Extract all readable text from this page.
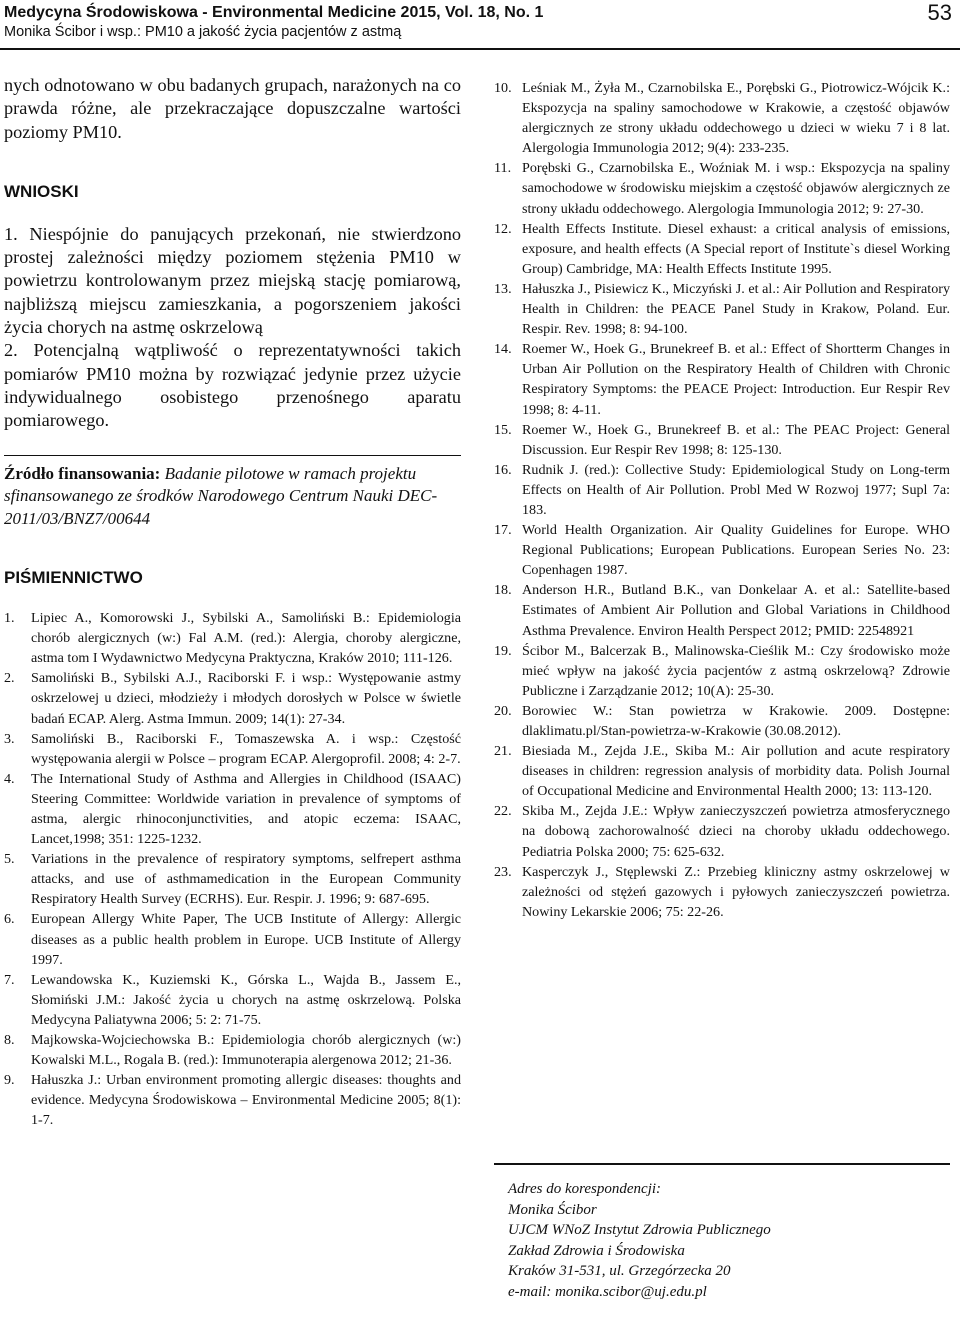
Medycyna Środowiskowa - Environmental Medicine 2015, Vol. 18, No. 1
Monika Ścibor i wsp.: PM10 a jakość życia pacjentów z astmą
53

nych odnotowano w obu badanych grupach, narażonych na co prawda różne, ale przekraczające dopuszczalne wartości poziomy PM10.

WNIOSKI

1. Niespójnie do panujących przekonań, nie stwierdzono prostej zależności między poziomem stężenia PM10 w powietrzu kontrolowanym przez miejską stację pomiarową, najbliższą miejscu zamieszkania, a pogorszeniem jakości życia chorych na astmę oskrzelową

2. Potencjalną wątpliwość o reprezentatywności takich pomiarów PM10 można by rozwiązać jedynie przez użycie indywidualnego osobistego przenośnego aparatu pomiarowego.

Źródło finansowania: Badanie pilotowe w ramach projektu sfinansowanego ze środków Narodowego Centrum Nauki DEC-2011/03/BNZ7/00644

PIŚMIENNICTWO

1. Lipiec A., Komorowski J., Sybilski A., Samoliński B.: Epidemiologia chorób alergicznych (w:) Fal A.M. (red.): Alergia, choroby alergiczne, astma tom I Wydawnictwo Medycyna Praktyczna, Kraków 2010; 111-126.
2. Samoliński B., Sybilski A.J., Raciborski F. i wsp.: Występowanie astmy oskrzelowej u dzieci, młodzieży i młodych dorosłych w Polsce w świetle badań ECAP. Alerg. Astma Immun. 2009; 14(1): 27-34.
3. Samoliński B., Raciborski F., Tomaszewska A. i wsp.: Częstość występowania alergii w Polsce – program ECAP. Alergoprofil. 2008; 4: 2-7.
4. The International Study of Asthma and Allergies in Childhood (ISAAC) Steering Committee: Worldwide variation in prevalence of symptoms of astma, alergic rhinoconjunctivities, and atopic eczema: ISAAC, Lancet,1998; 351: 1225-1232.
5. Variations in the prevalence of respiratory symptoms, selfrepert asthma attacks, and use of asthmamedication in the European Community Respiratory Health Survey (ECRHS). Eur. Respir. J. 1996; 9: 687-695.
6. European Allergy White Paper, The UCB Institute of Allergy: Allergic diseases as a public health problem in Europe. UCB Institute of Allergy 1997.
7. Lewandowska K., Kuziemski K., Górska L., Wajda B., Jassem E., Słomiński J.M.: Jakość życia u chorych na astmę oskrzelową. Polska Medycyna Paliatywna 2006; 5: 2: 71-75.
8. Majkowska-Wojciechowska B.: Epidemiologia chorób alergicznych (w:) Kowalski M.L., Rogala B. (red.): Immunoterapia alergenowa 2012; 21-36.
9. Hałuszka J.: Urban environment promoting allergic diseases: thoughts and evidence. Medycyna Środowiskowa – Environmental Medicine 2005; 8(1): 1-7.
10. Leśniak M., Żyła M., Czarnobilska E., Porębski G., Piotrowicz-Wójcik K.: Ekspozycja na spaliny samochodowe w Krakowie, a częstość objawów alergicznych ze strony układu oddechowego u dzieci w wieku 7 i 8 lat. Alergologia Immunologia 2012; 9(4): 233-235.
11. Porębski G., Czarnobilska E., Woźniak M. i wsp.: Ekspozycja na spaliny samochodowe w środowisku miejskim a częstość objawów alergicznych ze strony układu oddechowego. Alergologia Immunologia 2012; 9: 27-30.
12. Health Effects Institute. Diesel exhaust: a critical analysis of emissions, exposure, and health effects (A Special report of Institute`s diesel Working Group) Cambridge, MA: Health Effects Institute 1995.
13. Hałuszka J., Pisiewicz K., Miczyński J. et al.: Air Pollution and Respiratory Health in Children: the PEACE Panel Study in Krakow, Poland. Eur. Respir. Rev. 1998; 8: 94-100.
14. Roemer W., Hoek G., Brunekreef B. et al.: Effect of Shortterm Changes in Urban Air Pollution on the Respiratory Health of Children with Chronic Respiratory Symptoms: the PEACE Project: Introduction. Eur Respir Rev 1998; 8: 4-11.
15. Roemer W., Hoek G., Brunekreef B. et al.: The PEAC Project: General Discussion. Eur Respir Rev 1998; 8: 125-130.
16. Rudnik J. (red.): Collective Study: Epidemiological Study on Long-term Effects on Health of Air Pollution. Probl Med W Rozwoj 1977; Supl 7a: 183.
17. World Health Organization. Air Quality Guidelines for Europe. WHO Regional Publications; European Publications. European Series No. 23: Copenhagen 1987.
18. Anderson H.R., Butland B.K., van Donkelaar A. et al.: Satellite-based Estimates of Ambient Air Pollution and Global Variations in Childhood Asthma Prevalence. Environ Health Perspect 2012; PMID: 22548921
19. Ścibor M., Balcerzak B., Malinowska-Cieślik M.: Czy środowisko może mieć wpływ na jakość życia pacjentów z astmą oskrzelową? Zdrowie Publiczne i Zarządzanie 2012; 10(A): 25-30.
20. Borowiec W.: Stan powietrza w Krakowie. 2009. Dostępne: dlaklimatu.pl/Stan-powietrza-w-Krakowie (30.08.2012).
21. Biesiada M., Zejda J.E., Skiba M.: Air pollution and acute respiratory diseases in children: regression analysis of morbidity data. Polish Journal of Occupational Medicine and Environmental Health 2000; 13: 113-120.
22. Skiba M., Zejda J.E.: Wpływ zanieczyszczeń powietrza atmosferycznego na dobową zachorowalność dzieci na choroby układu oddechowego. Pediatria Polska 2000; 75: 625-632.
23. Kasperczyk J., Stęplewski Z.: Przebieg kliniczny astmy oskrzelowej w zależności od stężeń gazowych i pyłowych zanieczyszczeń powietrza. Nowiny Lekarskie 2006; 75: 22-26.
Adres do korespondencji:
Monika Ścibor
UJCM WNoZ Instytut Zdrowia Publicznego
Zakład Zdrowia i Środowiska
Kraków 31-531, ul. Grzegórzecka 20
e-mail: monika.scibor@uj.edu.pl
